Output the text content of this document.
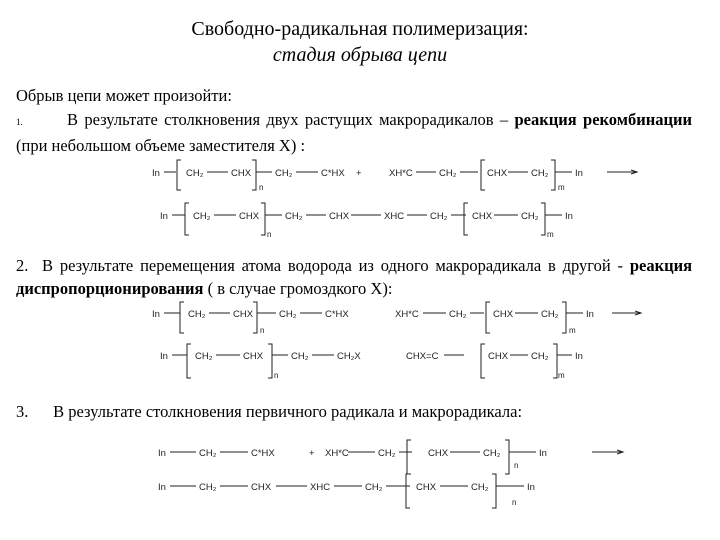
Свободно-радикальная полимеризация:
стадия обрыва цепи
Обрыв цепи может произойти:
1.	В результате столкновения двух растущих макрорадикалов – реакция рекомбинации (при небольшом объеме заместителя X) :
In	CH₂	CHX
n
CH₂	C*HX +	XH*C	CH₂	CHX	CH₂
m
In
In	CH₂	CHX
n
CH₂	CHX	XHC	CH₂	CHX	CH₂
m
In
In	CH₂	CHX
n
CH₂	C*HX	XH*C	CH₂	CHX	CH₂
m
In
In	CH₂	CHX
n
CH₂	CH₂X	CHX=C	CHX CH₂
m
In
In	CH₂	C*HX	+ XH*C	CH₂	CHX	CH₂
n
In
In	CH₂	CHX	XHC	CH₂	CHX	CH₂
n
In
2. В результате перемещения атома водорода из одного макрорадикала в другой - реакция диспропорционирования ( в случае громоздкого X):
3. В результате столкновения первичного радикала и макрорадикала:
